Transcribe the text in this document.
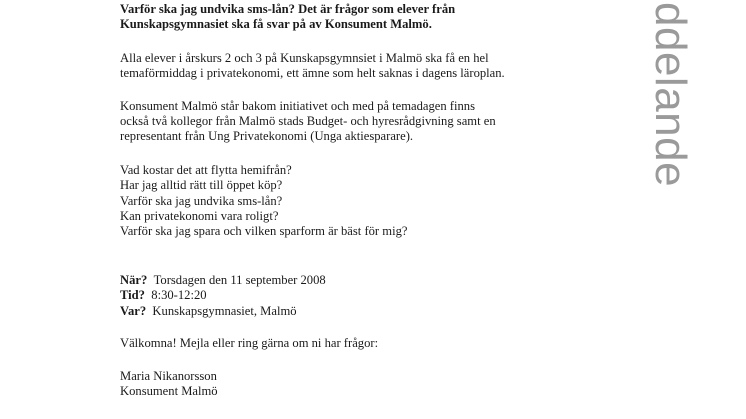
Varför ska jag undvika sms-lån? Det är frågor som elever från
Kunskapsgymnasiet ska få svar på av Konsument Malmö.

Alla elever i årskurs 2 och 3 på Kunskapsgymnsiet i Malmö ska få en hel
temaförmiddag i privatekonomi, ett ämne som helt saknas i dagens läroplan.

Konsument Malmö står bakom initiativet och med på temadagen finns
också två kollegor från Malmö stads Budget- och hyresrådgivning samt en
representant från Ung Privatekonomi (Unga aktiesparare).

Vad kostar det att flytta hemifrån?
Har jag alltid rätt till öppet köp?
Varför ska jag undvika sms-lån?
Kan privatekonomi vara roligt?
Varför ska jag spara och vilken sparform är bäst för mig?

När? Torsdagen den 11 september 2008
Tid? 8:30-12:20
Var? Kunskapsgymnasiet, Malmö

Välkomna! Mejla eller ring gärna om ni har frågor:

Maria Nikanorsson
Konsument Malmö

ddelande
